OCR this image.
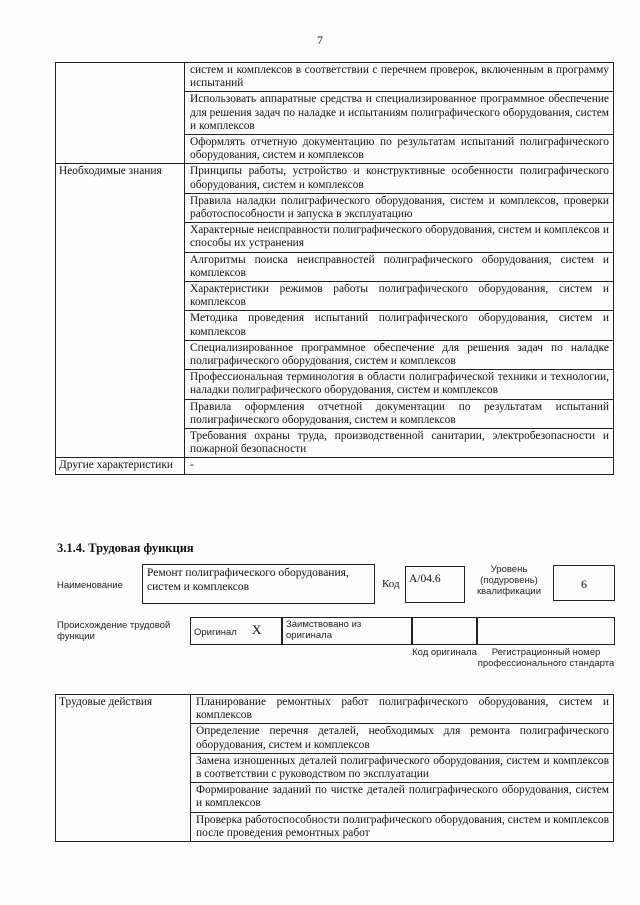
7
	систем и комплексов в соответствии с перечнем проверок, включенным в программу испытаний
	Использовать аппаратные средства и специализированное программное обеспечение для решения задач по наладке и испытаниям полиграфического оборудования, систем и комплексов
	Оформлять отчетную документацию по результатам испытаний полиграфического оборудования, систем и комплексов
Необходимые знания	Принципы работы, устройство и конструктивные особенности полиграфического оборудования, систем и комплексов
	Правила наладки полиграфического оборудования, систем и комплексов, проверки работоспособности и запуска в эксплуатацию
	Характерные неисправности полиграфического оборудования, систем и комплексов и способы их устранения
	Алгоритмы поиска неисправностей полиграфического оборудования, систем и комплексов
	Характеристики режимов работы полиграфического оборудования, систем и комплексов
	Методика проведения испытаний полиграфического оборудования, систем и комплексов
	Специализированное программное обеспечение для решения задач по наладке полиграфического оборудования, систем и комплексов
	Профессиональная терминология в области полиграфической техники и технологии, наладки полиграфического оборудования, систем и комплексов
	Правила оформления отчетной документации по результатам испытаний полиграфического оборудования, систем и комплексов
	Требования охраны труда, производственной санитарии, электробезопасности и пожарной безопасности
Другие характеристики	-
3.1.4. Трудовая функция
Наименование
Ремонт полиграфического оборудования, систем и комплексов	Код A/04.6
Уровень (подуровень) квалификации
6
Происхождение трудовой функции	Оригинал X	Заимствовано из оригинала
Код оригинала	Регистрационный номер профессионального стандарта
Трудовые действия	Планирование ремонтных работ полиграфического оборудования, систем и комплексов
Определение перечня деталей, необходимых для ремонта полиграфического оборудования, систем и комплексов
Замена изношенных деталей полиграфического оборудования, систем и комплексов в соответствии с руководством по эксплуатации
Формирование заданий по чистке деталей полиграфического оборудования, систем и комплексов
Проверка работоспособности полиграфического оборудования, систем и комплексов после проведения ремонтных работ
